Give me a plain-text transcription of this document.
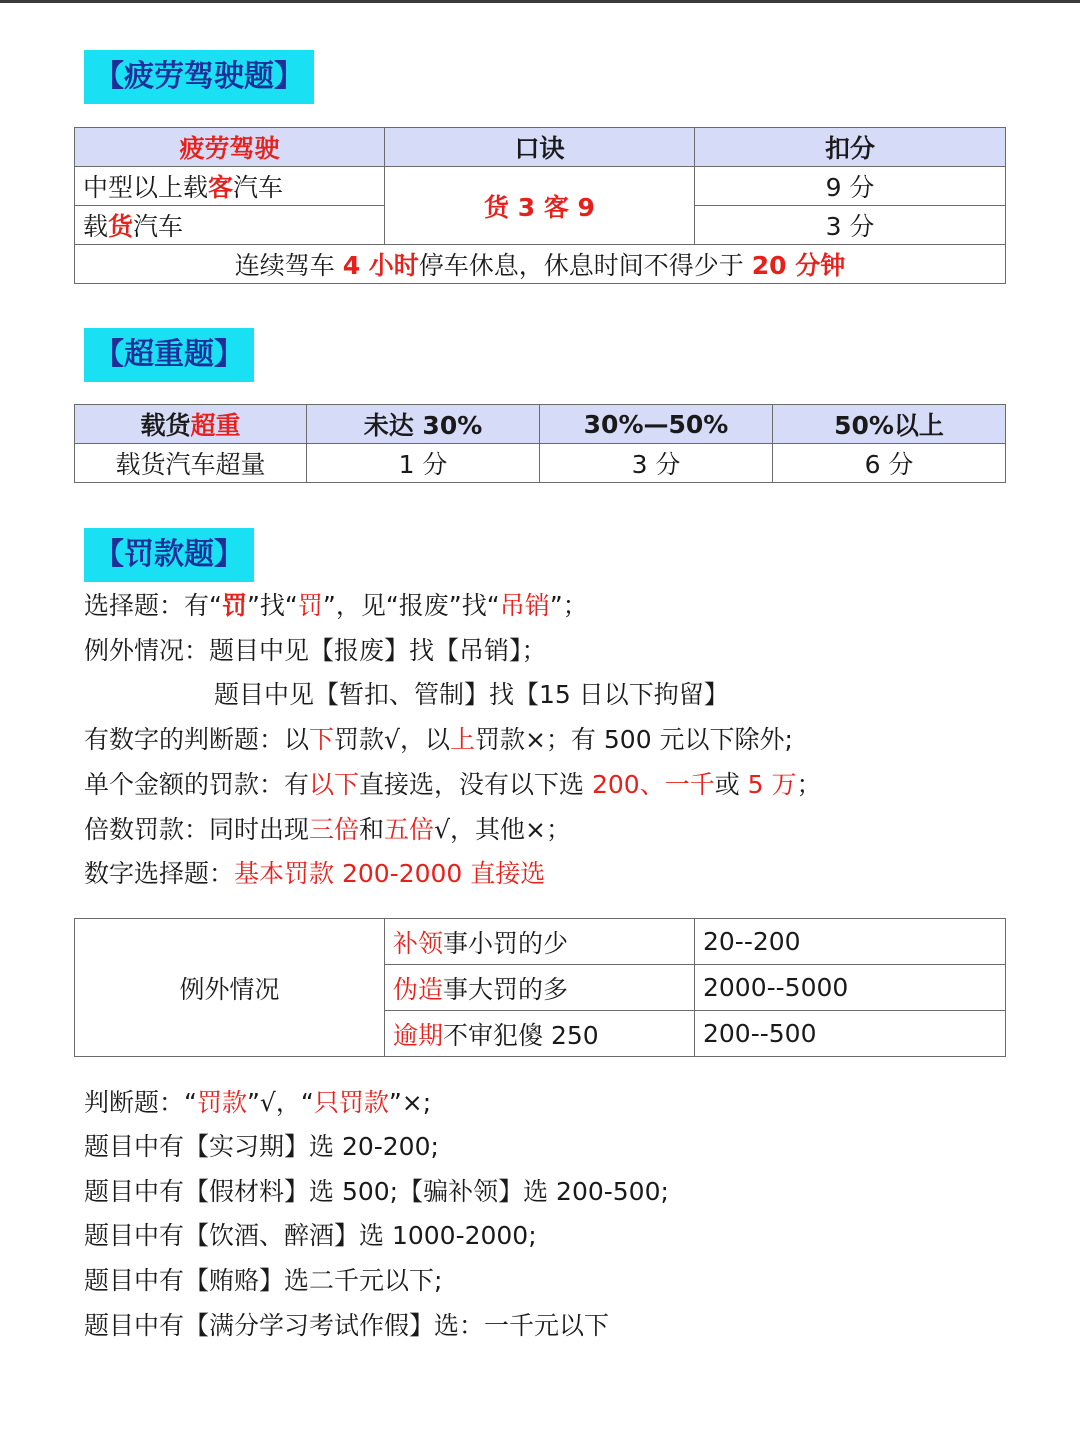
【疲劳驾驶题】
疲劳驾驶	口诀	扣分
中型以上载客汽车	货 3 客 9	9 分
载货汽车		3 分
连续驾车 4 小时停车休息，休息时间不得少于 20 分钟		
【超重题】
载货超重	未达 30%	30%—50%	50%以上
载货汽车超量	1 分	3 分	6 分
【罚款题】
选择题：有“罚”找“罚”，见“报废”找“吊销”；
例外情况：题目中见【报废】找【吊销】；
题目中见【暂扣、管制】找【15 日以下拘留】
有数字的判断题：以下罚款√，以上罚款×；有 500 元以下除外;
单个金额的罚款：有以下直接选，没有以下选 200、一千或 5 万；
倍数罚款：同时出现三倍和五倍√，其他×；
数字选择题：基本罚款 200-2000 直接选
例外情况	补领事小罚的少	20--200
	伪造事大罚的多	2000--5000
	逾期不审犯傻 250	200--500
判断题：“罚款”√，“只罚款”×;
题目中有【实习期】选 20-200;
题目中有【假材料】选 500;【骗补领】选 200-500;
题目中有【饮酒、醉酒】选 1000-2000;
题目中有【贿赂】选二千元以下;
题目中有【满分学习考试作假】选：一千元以下
